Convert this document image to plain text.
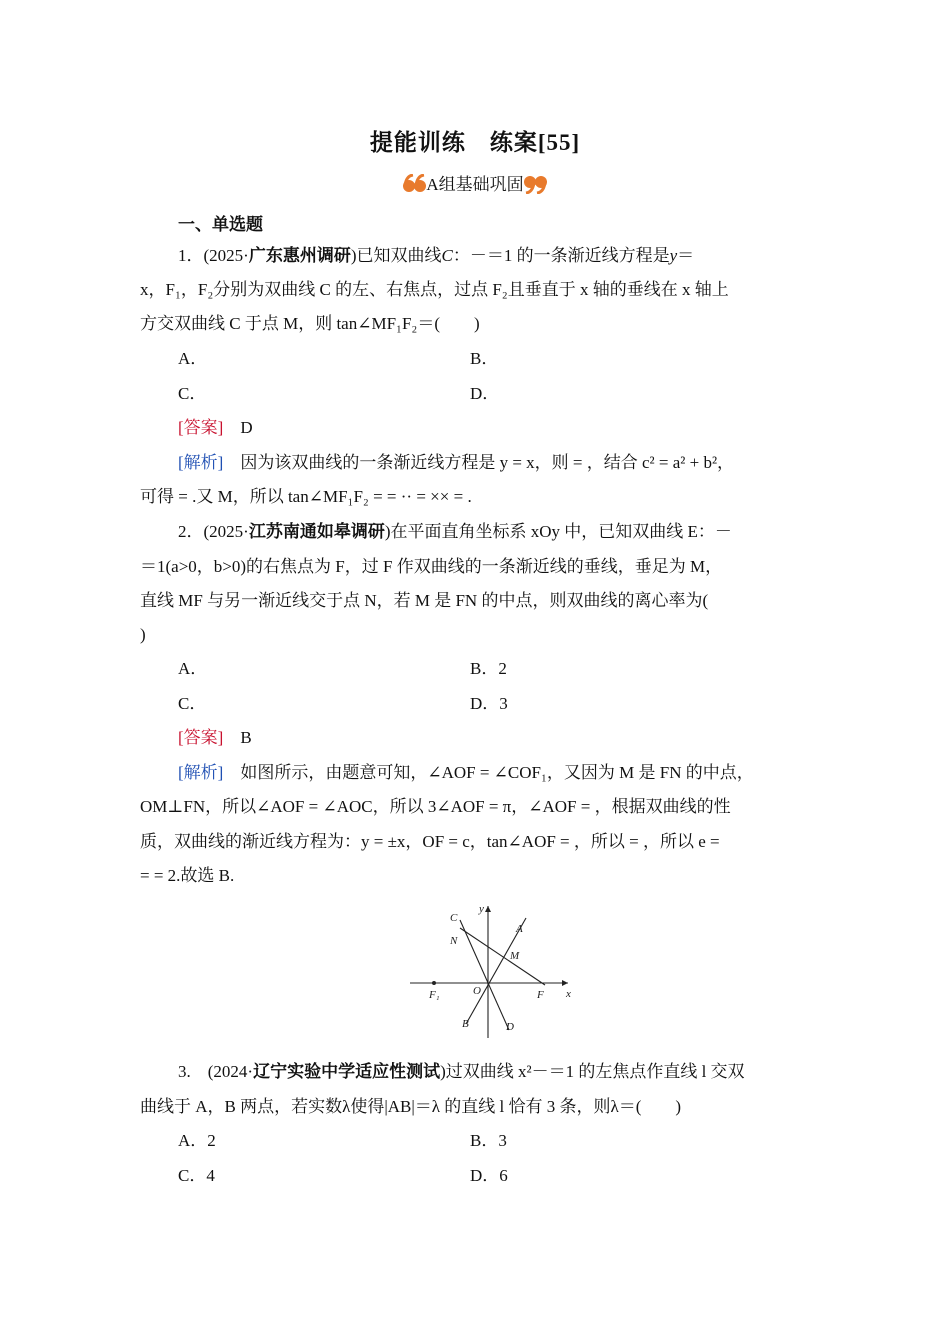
提能训练　练案[55]
A组基础巩固
一、单选题
1．(2025·广东惠州调研)已知双曲线C：－＝1 的一条渐近线方程是y＝
x，F₁，F₂分别为双曲线 C 的左、右焦点，过点 F₂且垂直于 x 轴的垂线在 x 轴上
方交双曲线 C 于点 M，则 tan∠MF₁F₂＝(　　)
A．	B．
C．	D．
[答案]　 D
[解析]　 因为该双曲线的一条渐近线方程是 y = x，则 = ，结合 c² = a² + b²，
可得 = .又 M，所以 tan∠MF₁F₂ = = ·· = ×× = .
2．(2025·江苏南通如皋调研)在平面直角坐标系 xOy 中，已知双曲线 E：－
＝1(a>0，b>0)的右焦点为 F，过 F 作双曲线的一条渐近线的垂线，垂足为 M，
直线 MF 与另一渐近线交于点 N，若 M 是 FN 的中点，则双曲线的离心率为(
)
A．	B．2
C．	D．3
[答案]　 B
[解析]　 如图所示，由题意可知，∠AOF = ∠COF₁，又因为 M 是 FN 的中点，
OM⊥FN，所以∠AOF = ∠AOC，所以 3∠AOF = π，∠AOF = ，根据双曲线的性
质，双曲线的渐近线方程为：y = ±x，OF = c，tan∠AOF = ，所以 = ，所以 e =
= = 2.故选 B.
y
x
C
N
A
M
F₁	O	F
B	D
3.　(2024·辽宁实验中学适应性测试)过双曲线 x²－＝1 的左焦点作直线 l 交双
曲线于 A，B 两点，若实数λ使得|AB|＝λ 的直线 l 恰有 3 条，则λ＝(　　)
A．2	B．3
C．4	D．6
